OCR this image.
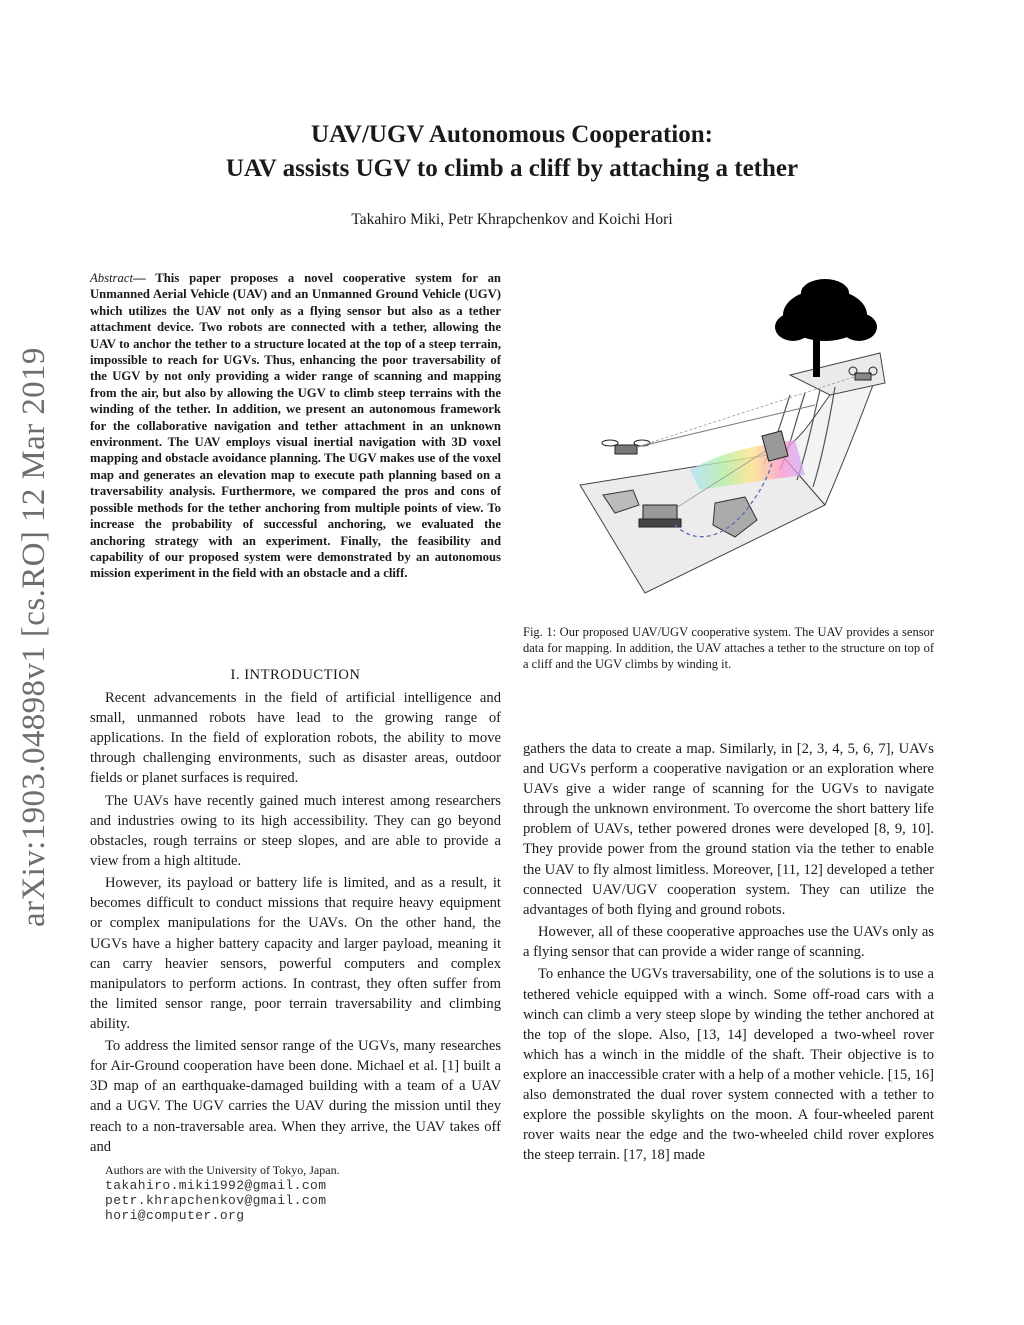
arXiv:1903.04898v1 [cs.RO] 12 Mar 2019
UAV/UGV Autonomous Cooperation:
UAV assists UGV to climb a cliff by attaching a tether
Takahiro Miki, Petr Khrapchenkov and Koichi Hori

Abstract— This paper proposes a novel cooperative system for an Unmanned Aerial Vehicle (UAV) and an Unmanned Ground Vehicle (UGV) which utilizes the UAV not only as a flying sensor but also as a tether attachment device. Two robots are connected with a tether, allowing the UAV to anchor the tether to a structure located at the top of a steep terrain, impossible to reach for UGVs. Thus, enhancing the poor traversability of the UGV by not only providing a wider range of scanning and mapping from the air, but also by allowing the UGV to climb steep terrains with the winding of the tether. In addition, we present an autonomous framework for the collaborative navigation and tether attachment in an unknown environment. The UAV employs visual inertial navigation with 3D voxel mapping and obstacle avoidance planning. The UGV makes use of the voxel map and generates an elevation map to execute path planning based on a traversability analysis. Furthermore, we compared the pros and cons of possible methods for the tether anchoring from multiple points of view. To increase the probability of successful anchoring, we evaluated the anchoring strategy with an experiment. Finally, the feasibility and capability of our proposed system were demonstrated by an autonomous mission experiment in the field with an obstacle and a cliff.

I. INTRODUCTION

Recent advancements in the field of artificial intelligence and small, unmanned robots have lead to the growing range of applications. In the field of exploration robots, the ability to move through challenging environments, such as disaster areas, outdoor fields or planet surfaces is required.

The UAVs have recently gained much interest among researchers and industries owing to its high accessibility. They can go beyond obstacles, rough terrains or steep slopes, and are able to provide a view from a high altitude.

However, its payload or battery life is limited, and as a result, it becomes difficult to conduct missions that require heavy equipment or complex manipulations for the UAVs. On the other hand, the UGVs have a higher battery capacity and larger payload, meaning it can carry heavier sensors, powerful computers and complex manipulators to perform actions. In contrast, they often suffer from the limited sensor range, poor terrain traversability and climbing ability.

To address the limited sensor range of the UGVs, many researches for Air-Ground cooperation have been done. Michael et al. [1] built a 3D map of an earthquake-damaged building with a team of a UAV and a UGV. The UGV carries the UAV during the mission until they reach to a non-traversable area. When they arrive, the UAV takes off and

Authors are with the University of Tokyo, Japan.

takahiro.miki1992@gmail.com
petr.khrapchenkov@gmail.com
hori@computer.org
Fig. 1: Our proposed UAV/UGV cooperative system. The UAV provides a sensor data for mapping. In addition, the UAV attaches a tether to the structure on top of a cliff and the UGV climbs by winding it.

gathers the data to create a map. Similarly, in [2, 3, 4, 5, 6, 7], UAVs and UGVs perform a cooperative navigation or an exploration where UAVs give a wider range of scanning for the UGVs to navigate through the unknown environment. To overcome the short battery life problem of UAVs, tether powered drones were developed [8, 9, 10]. They provide power from the ground station via the tether to enable the UAV to fly almost limitless. Moreover, [11, 12] developed a tether connected UAV/UGV cooperation system. They can utilize the advantages of both flying and ground robots.

However, all of these cooperative approaches use the UAVs only as a flying sensor that can provide a wider range of scanning.

To enhance the UGVs traversability, one of the solutions is to use a tethered vehicle equipped with a winch. Some off-road cars with a winch can climb a very steep slope by winding the tether anchored at the top of the slope. Also, [13, 14] developed a two-wheel rover which has a winch in the middle of the shaft. Their objective is to explore an inaccessible crater with a help of a mother vehicle. [15, 16] also demonstrated the dual rover system connected with a tether to explore the possible skylights on the moon. A four-wheeled parent rover waits near the edge and the two-wheeled child rover explores the steep terrain. [17, 18] made
